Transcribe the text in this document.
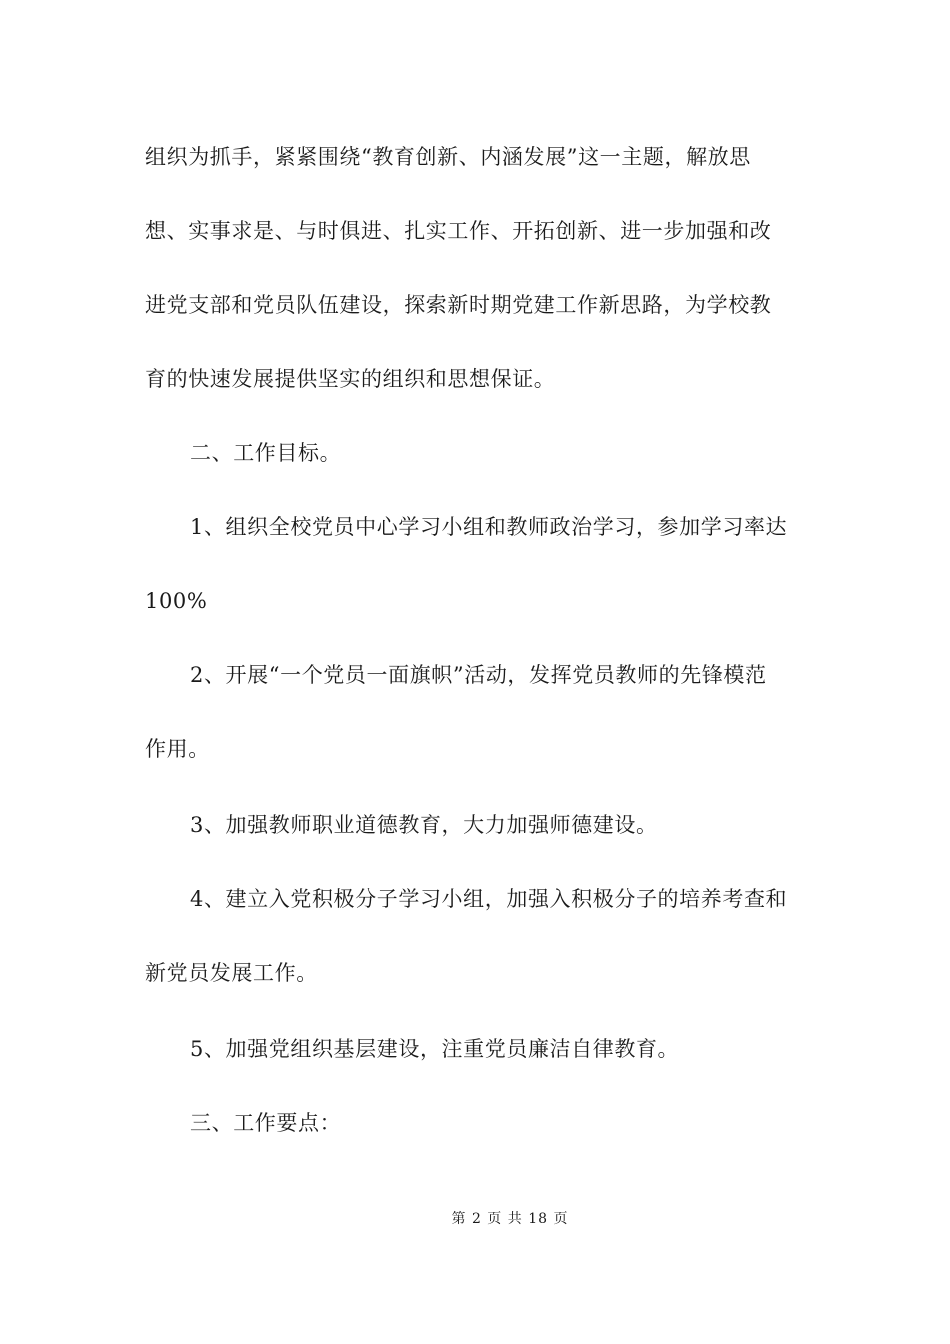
组织为抓手，紧紧围绕“教育创新、内涵发展”这一主题，解放思
想、实事求是、与时俱进、扎实工作、开拓创新、进一步加强和改
进党支部和党员队伍建设，探索新时期党建工作新思路，为学校教
育的快速发展提供坚实的组织和思想保证。
二、工作目标。
1、组织全校党员中心学习小组和教师政治学习，参加学习率达
100%
2、开展“一个党员一面旗帜”活动，发挥党员教师的先锋模范
作用。
3、加强教师职业道德教育，大力加强师德建设。
4、建立入党积极分子学习小组，加强入积极分子的培养考查和
新党员发展工作。
5、加强党组织基层建设，注重党员廉洁自律教育。
三、工作要点：
第 2 页 共 18 页
